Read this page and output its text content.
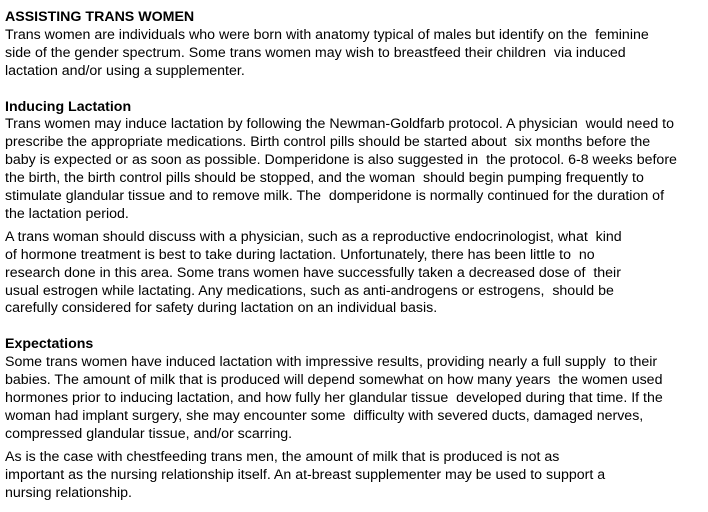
ASSISTING TRANS WOMEN

Trans women are individuals who were born with anatomy typical of males but identify on the  feminine

side of the gender spectrum. Some trans women may wish to breastfeed their children  via induced

lactation and/or using a supplementer.

Inducing Lactation

Trans women may induce lactation by following the Newman-Goldfarb protocol. A physician  would need to

prescribe the appropriate medications. Birth control pills should be started about  six months before the

baby is expected or as soon as possible. Domperidone is also suggested in  the protocol. 6-8 weeks before

the birth, the birth control pills should be stopped, and the woman  should begin pumping frequently to

stimulate glandular tissue and to remove milk. The  domperidone is normally continued for the duration of

the lactation period.

A trans woman should discuss with a physician, such as a reproductive endocrinologist, what  kind

of hormone treatment is best to take during lactation. Unfortunately, there has been little to  no

research done in this area. Some trans women have successfully taken a decreased dose of  their

usual estrogen while lactating. Any medications, such as anti-androgens or estrogens,  should be

carefully considered for safety during lactation on an individual basis.

Expectations

Some trans women have induced lactation with impressive results, providing nearly a full supply  to their

babies. The amount of milk that is produced will depend somewhat on how many years  the women used

hormones prior to inducing lactation, and how fully her glandular tissue  developed during that time. If the

woman had implant surgery, she may encounter some  difficulty with severed ducts, damaged nerves,

compressed glandular tissue, and/or scarring.

As is the case with chestfeeding trans men, the amount of milk that is produced is not as

important as the nursing relationship itself. An at-breast supplementer may be used to support a

nursing relationship.
